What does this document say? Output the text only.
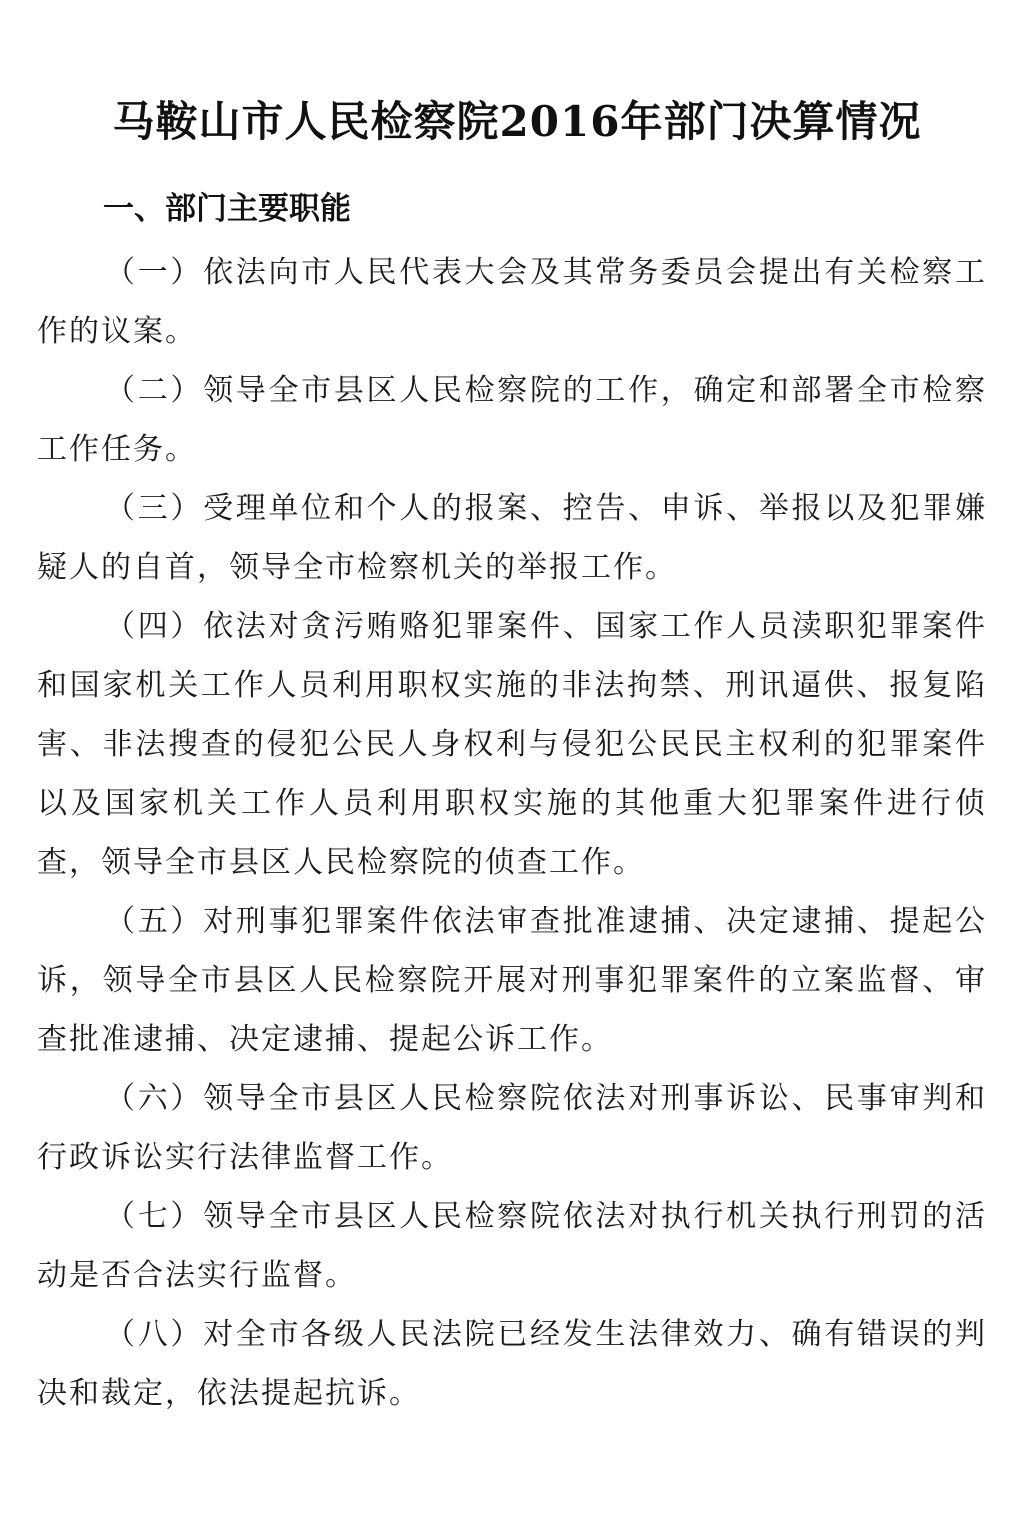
马鞍山市人民检察院2016年部门决算情况
一、部门主要职能

（一）依法向市人民代表大会及其常务委员会提出有关检察工作的议案。

（二）领导全市县区人民检察院的工作，确定和部署全市检察工作任务。

（三）受理单位和个人的报案、控告、申诉、举报以及犯罪嫌疑人的自首，领导全市检察机关的举报工作。

（四）依法对贪污贿赂犯罪案件、国家工作人员渎职犯罪案件和国家机关工作人员利用职权实施的非法拘禁、刑讯逼供、报复陷害、非法搜查的侵犯公民人身权利与侵犯公民民主权利的犯罪案件以及国家机关工作人员利用职权实施的其他重大犯罪案件进行侦查，领导全市县区人民检察院的侦查工作。

（五）对刑事犯罪案件依法审查批准逮捕、决定逮捕、提起公诉，领导全市县区人民检察院开展对刑事犯罪案件的立案监督、审查批准逮捕、决定逮捕、提起公诉工作。

（六）领导全市县区人民检察院依法对刑事诉讼、民事审判和行政诉讼实行法律监督工作。

（七）领导全市县区人民检察院依法对执行机关执行刑罚的活动是否合法实行监督。

（八）对全市各级人民法院已经发生法律效力、确有错误的判决和裁定，依法提起抗诉。
